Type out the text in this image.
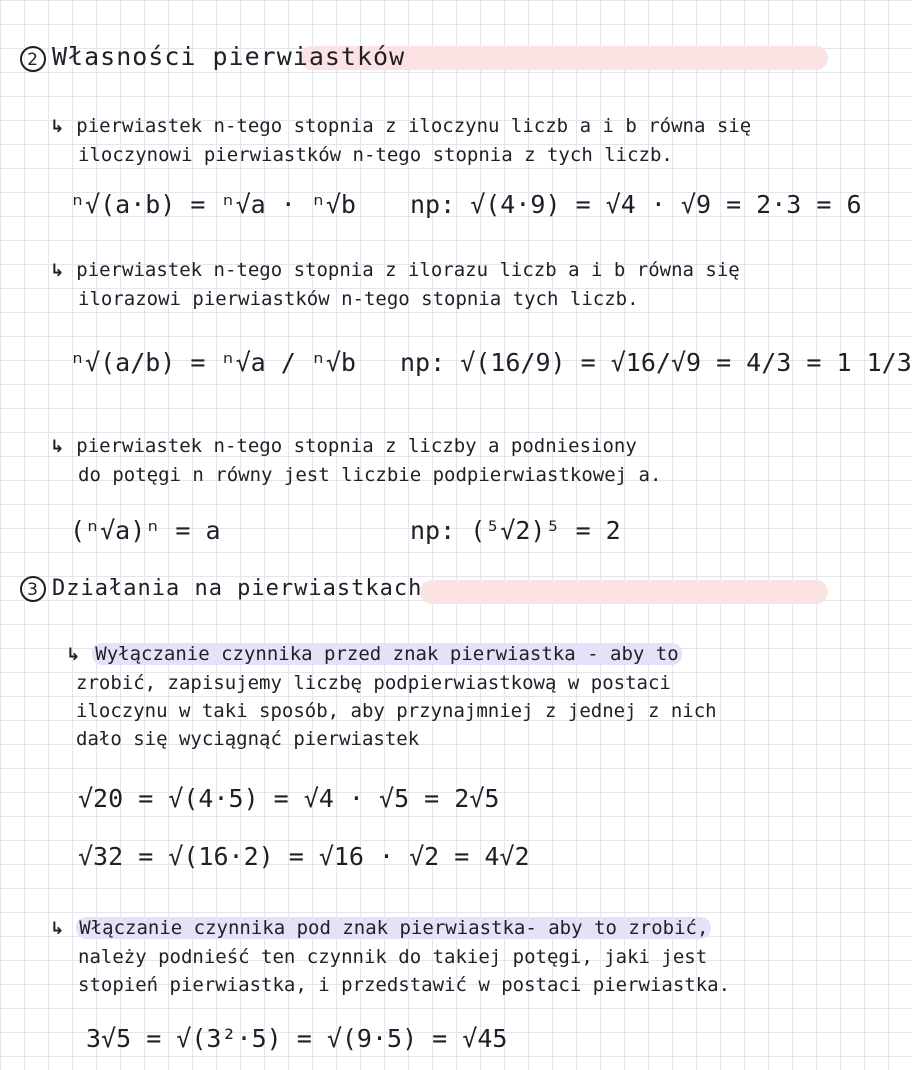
2 Własności pierwiastków
↳ pierwiastek n-tego stopnia z iloczynu liczb a i b równa się
iloczynowi pierwiastków n-tego stopnia z tych liczb.
ⁿ√(a·b) = ⁿ√a · ⁿ√b np: √(4·9) = √4 · √9 = 2·3 = 6
↳ pierwiastek n-tego stopnia z ilorazu liczb a i b równa się
ilorazowi pierwiastków n-tego stopnia tych liczb.
ⁿ√(a/b) = ⁿ√a / ⁿ√b np: √(16/9) = √16/√9 = 4/3 = 1 1/3
↳ pierwiastek n-tego stopnia z liczby a podniesiony
do potęgi n równy jest liczbie podpierwiastkowej a.
(ⁿ√a)ⁿ = a	np: (⁵√2)⁵ = 2
3 Działania na pierwiastkach
↳ Wyłączanie czynnika przed znak pierwiastka - aby to
zrobić, zapisujemy liczbę podpierwiastkową w postaci
iloczynu w taki sposób, aby przynajmniej z jednej z nich
dało się wyciągnąć pierwiastek
√20 = √(4·5) = √4 · √5 = 2√5
√32 = √(16·2) = √16 · √2 = 4√2
↳ Włączanie czynnika pod znak pierwiastka- aby to zrobić,
należy podnieść ten czynnik do takiej potęgi, jaki jest
stopień pierwiastka, i przedstawić w postaci pierwiastka.
3√5 = √(3²·5) = √(9·5) = √45
